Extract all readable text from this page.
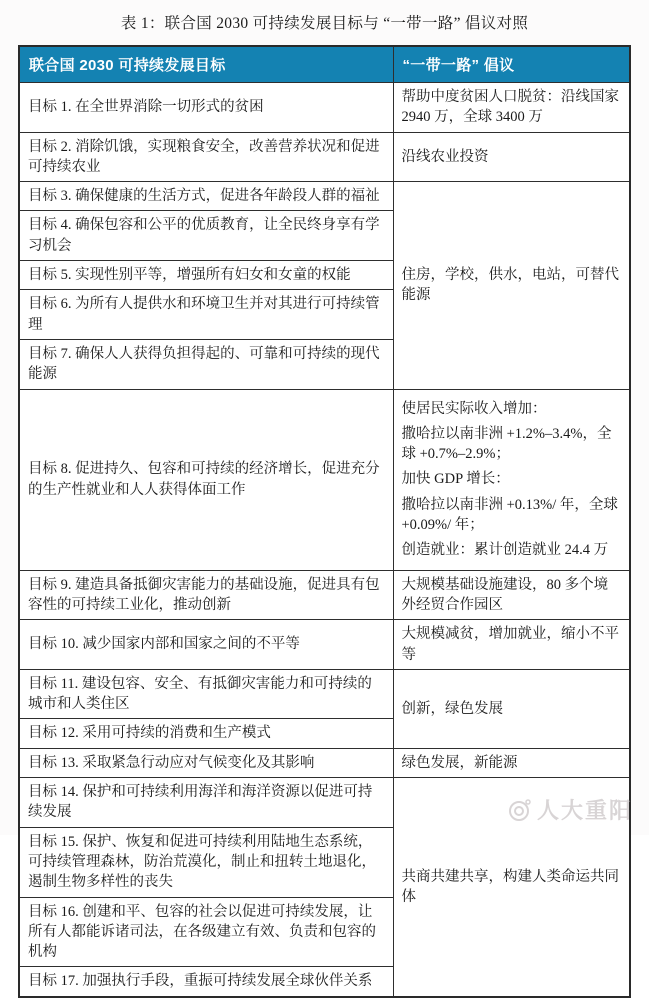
表 1：联合国 2030 可持续发展目标与 “一带一路” 倡议对照
联合国 2030 可持续发展目标	“一带一路” 倡议
目标 1. 在全世界消除一切形式的贫困	帮助中度贫困人口脱贫：沿线国家 2940 万，全球 3400 万
目标 2. 消除饥饿，实现粮食安全，改善营养状况和促进可持续农业	沿线农业投资
目标 3. 确保健康的生活方式，促进各年龄段人群的福祉	住房，学校，供水，电站，可替代能源
目标 4. 确保包容和公平的优质教育，让全民终身享有学习机会	
目标 5. 实现性别平等，增强所有妇女和女童的权能	
目标 6. 为所有人提供水和环境卫生并对其进行可持续管理	
目标 7. 确保人人获得负担得起的、可靠和可持续的现代能源	
目标 8. 促进持久、包容和可持续的经济增长，促进充分的生产性就业和人人获得体面工作	使居民实际收入增加：

撒哈拉以南非洲 +1.2%–3.4%，全球 +0.7%–2.9%；

加快 GDP 增长：

撒哈拉以南非洲 +0.13%/ 年，全球 +0.09%/ 年；

创造就业：累计创造就业 24.4 万

目标 9. 建造具备抵御灾害能力的基础设施，促进具有包容性的可持续工业化，推动创新	大规模基础设施建设，80 多个境外经贸合作园区
目标 10. 减少国家内部和国家之间的不平等	大规模减贫，增加就业，缩小不平等
目标 11. 建设包容、安全、有抵御灾害能力和可持续的城市和人类住区	创新，绿色发展
目标 12. 采用可持续的消费和生产模式	
目标 13. 采取紧急行动应对气候变化及其影响	绿色发展，新能源
目标 14. 保护和可持续利用海洋和海洋资源以促进可持续发展	共商共建共享，构建人类命运共同体
目标 15. 保护、恢复和促进可持续利用陆地生态系统，可持续管理森林，防治荒漠化，制止和扭转土地退化，遏制生物多样性的丧失	
目标 16. 创建和平、包容的社会以促进可持续发展，让所有人都能诉诸司法，在各级建立有效、负责和包容的机构	
目标 17. 加强执行手段，重振可持续发展全球伙伴关系	
人大重阳
